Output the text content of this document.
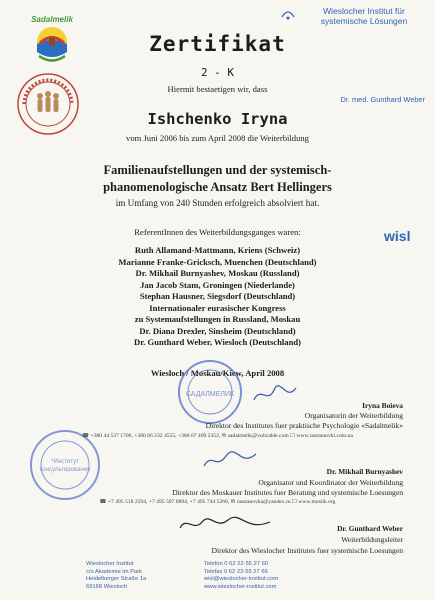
Sadalmelik
Wieslocher Institut für
systemische Lösungen
Dr. med. Gunthard Weber
Zertifikat
2 - K
Hiermit bestaetigen wir, dass
Ishchenko Iryna
vom Juni 2006 bis zum April 2008 die Weiterbildung
Familienaufstellungen und der systemisch-
phanomenologische Ansatz Bert Hellingers
im Umfang von 240 Stunden erfolgreich absolviert hat.
wisl
ReferentInnen des Weiterbildungsganges waren:
Ruth Allamand-Mattmann, Kriens (Schweiz)
Marianne Franke-Gricksch, Muenchen (Deutschland)
Dr. Mikhail Burnyashev, Moskau (Russland)
Jan Jacob Stam, Groningen (Niederlande)
Stephan Hausner, Siegsdorf (Deutschland)
Internationaler eurasischer Kongress
zu Systemaufstellungen in Russland, Moskau
Dr. Diana Drexler, Sinsheim (Deutschland)
Dr. Gunthard Weber, Wiesloch (Deutschland)
Wiesloch / Moskau/Kiew, April 2008
САДАЛМЕЛИК
*Институт
консультирования
Iryna Boieva
Organisatorin der Weiterbildung
Direktor des Institutes fuer praktische Psychologie «Sadalmelik»
☎ +380 44 537 1706, +380 66 232 4555, +380 67 409 2352, ✉ sadalmelik@volicable.com ☐ www.rasstanovki.com.ua
Dr. Mikhail Burnyashev
Organisator und Koordinator der Weiterbildung
Direktor des Moskauer Institutes fuer Beratung und systemische Loesungen
☎ +7 495 518 2594, +7 495 507 0894, +7 495 744 5260, ✉ rasstanovka@yandex.ru ☐ www.mostik.org
Dr. Gunthard Weber
Weiterbildungsleiter
Direktor des Wieslocher Institutes fuer systemische Loesungen
Wieslocher Institut
c/o Akademie im Park
Heidelberger Straße 1a
69168 Wiesloch
Telefon 0 62 22-55 27 60
Telefax 0 62 22-55 27 66
wisl@wieslocher-institut.com
www.wieslocher-institut.com
